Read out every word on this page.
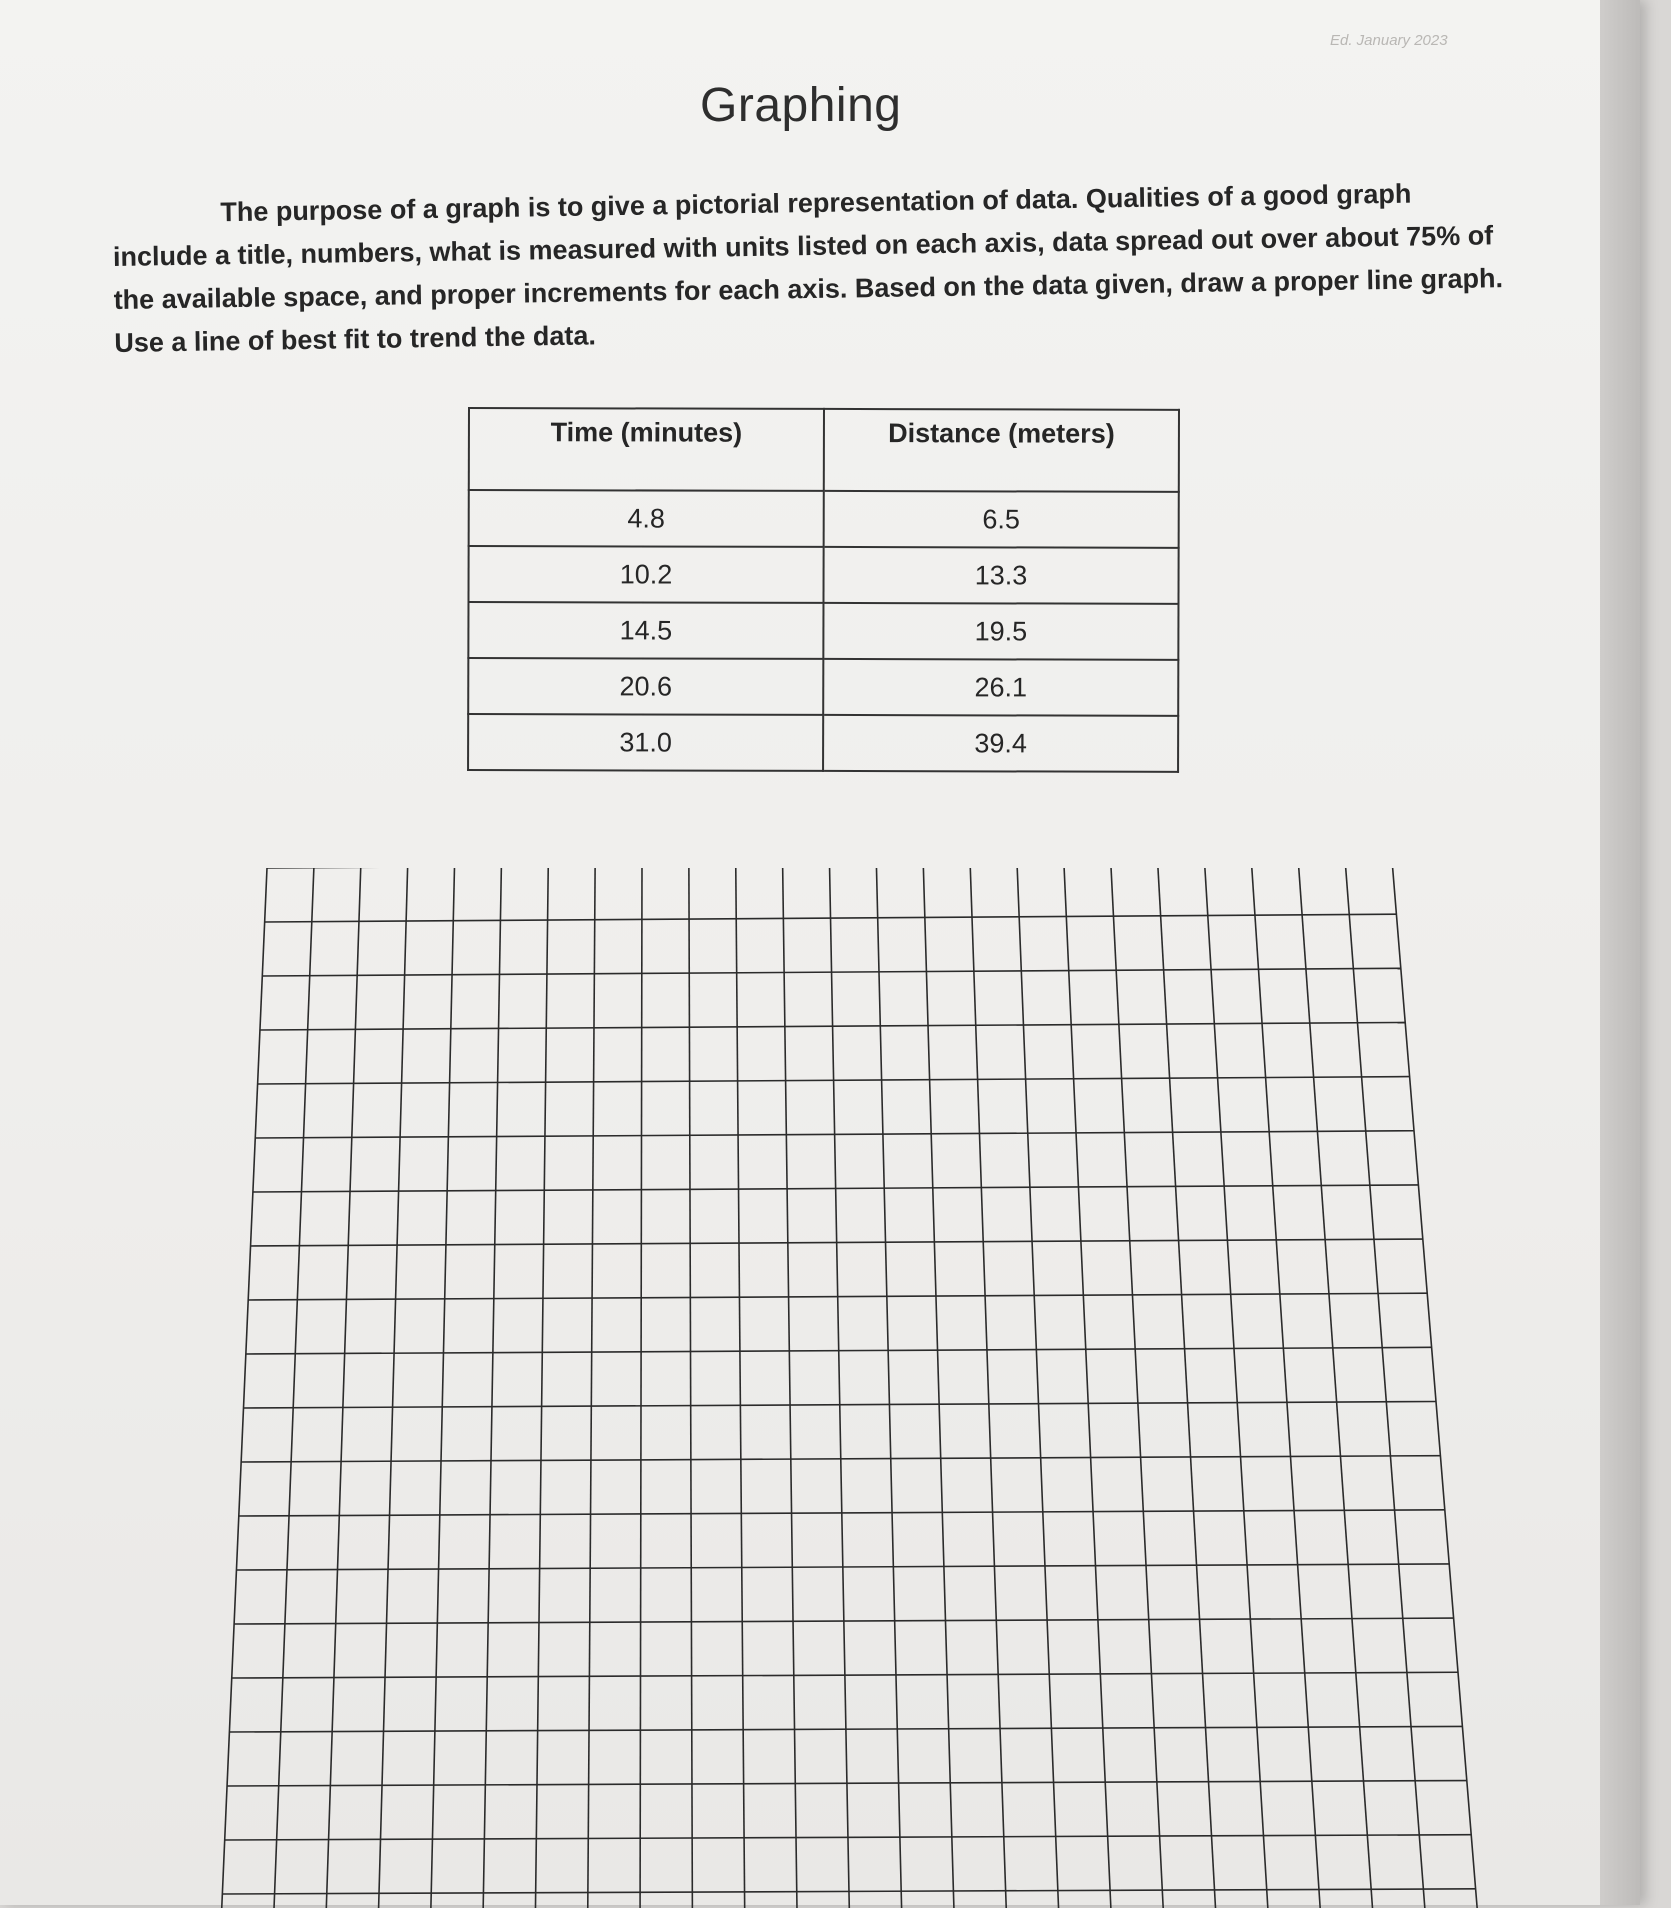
Ed. January 2023
Graphing
The purpose of a graph is to give a pictorial representation of data. Qualities of a good graph include a title, numbers, what is measured with units listed on each axis, data spread out over about 75% of the available space, and proper increments for each axis. Based on the data given, draw a proper line graph. Use a line of best fit to trend the data.
Time (minutes)	Distance (meters)
4.8	6.5
10.2	13.3
14.5	19.5
20.6	26.1
31.0	39.4
